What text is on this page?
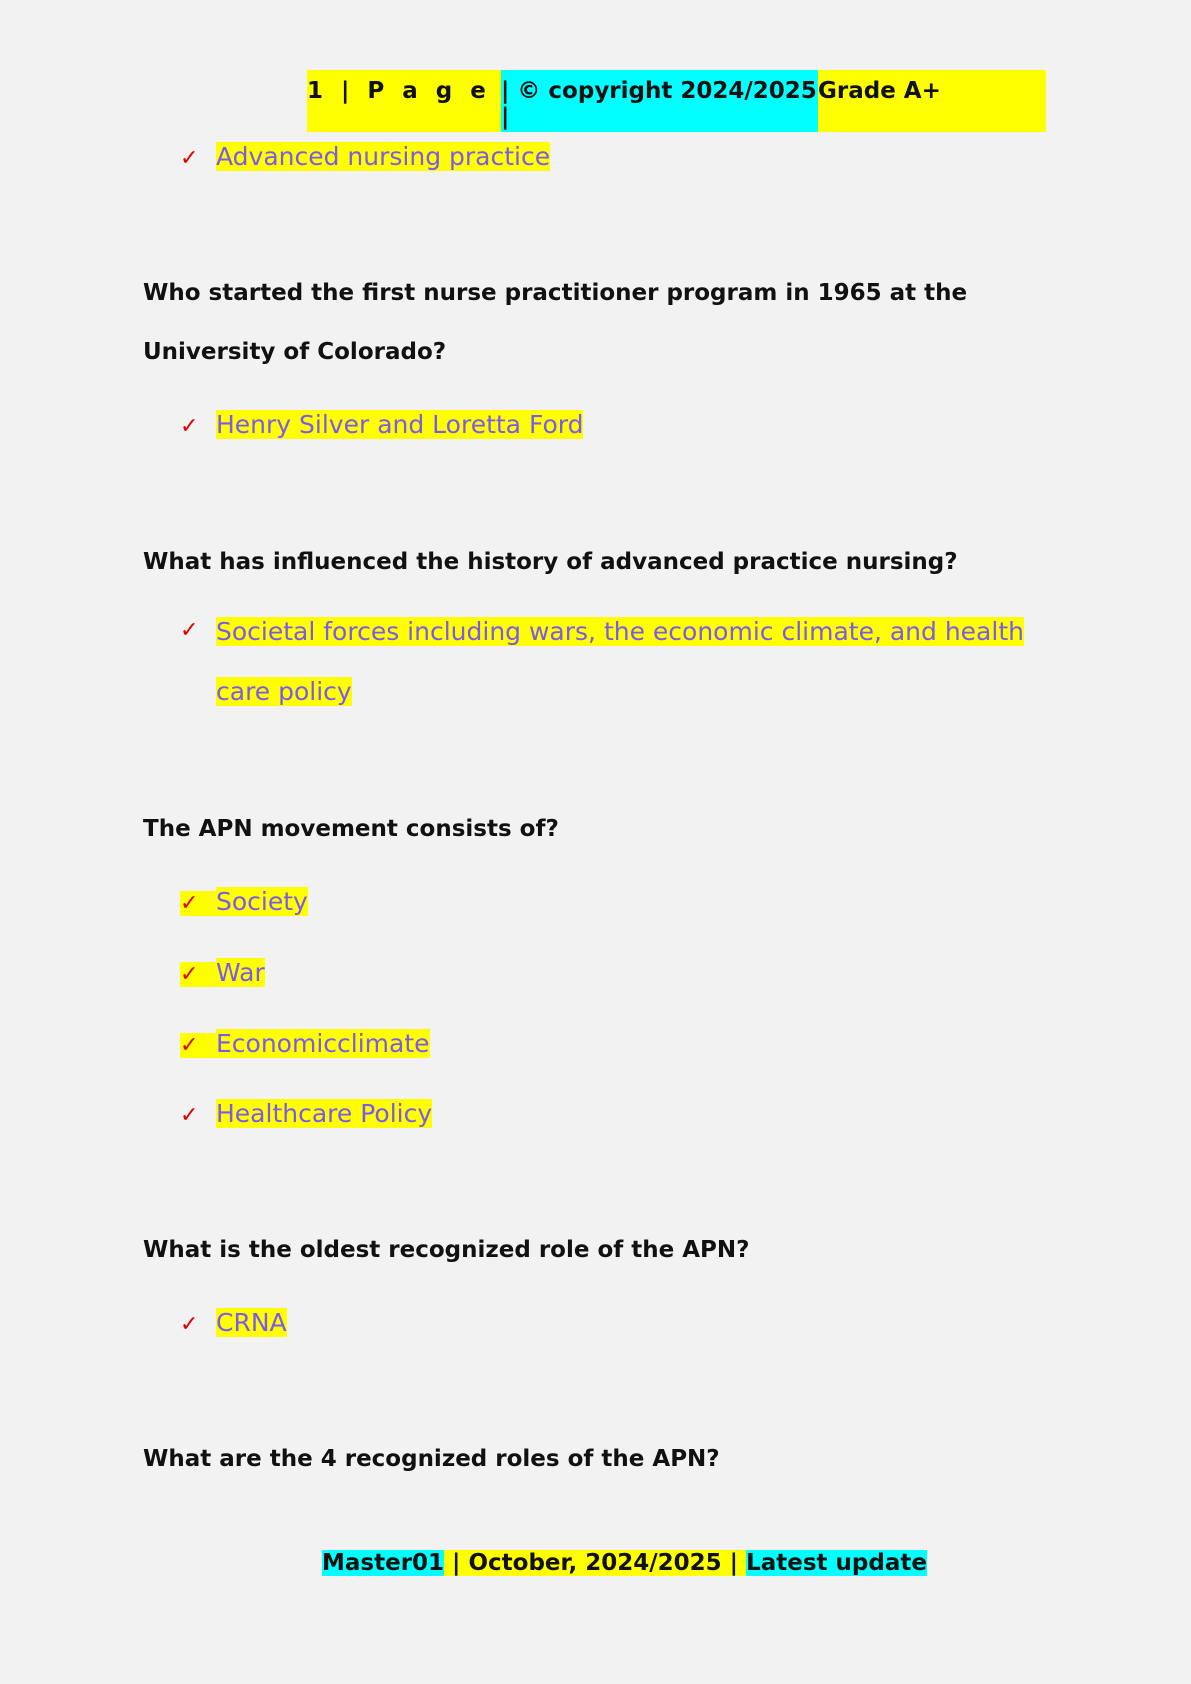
1 | P a g e | © copyright 2024/2025 |
Grade A+
✓ Advanced nursing practice
Who started the first nurse practitioner program in 1965 at the University of Colorado?
✓ Henry Silver and Loretta Ford
What has influenced the history of advanced practice nursing?
✓ Societal forces including wars, the economic climate, and health care policy
The APN movement consists of?
✓ Society
✓ War
✓ Economicclimate
✓ Healthcare Policy
What is the oldest recognized role of the APN?
✓ CRNA
What are the 4 recognized roles of the APN?
Master01 | October, 2024/2025 | Latest update
